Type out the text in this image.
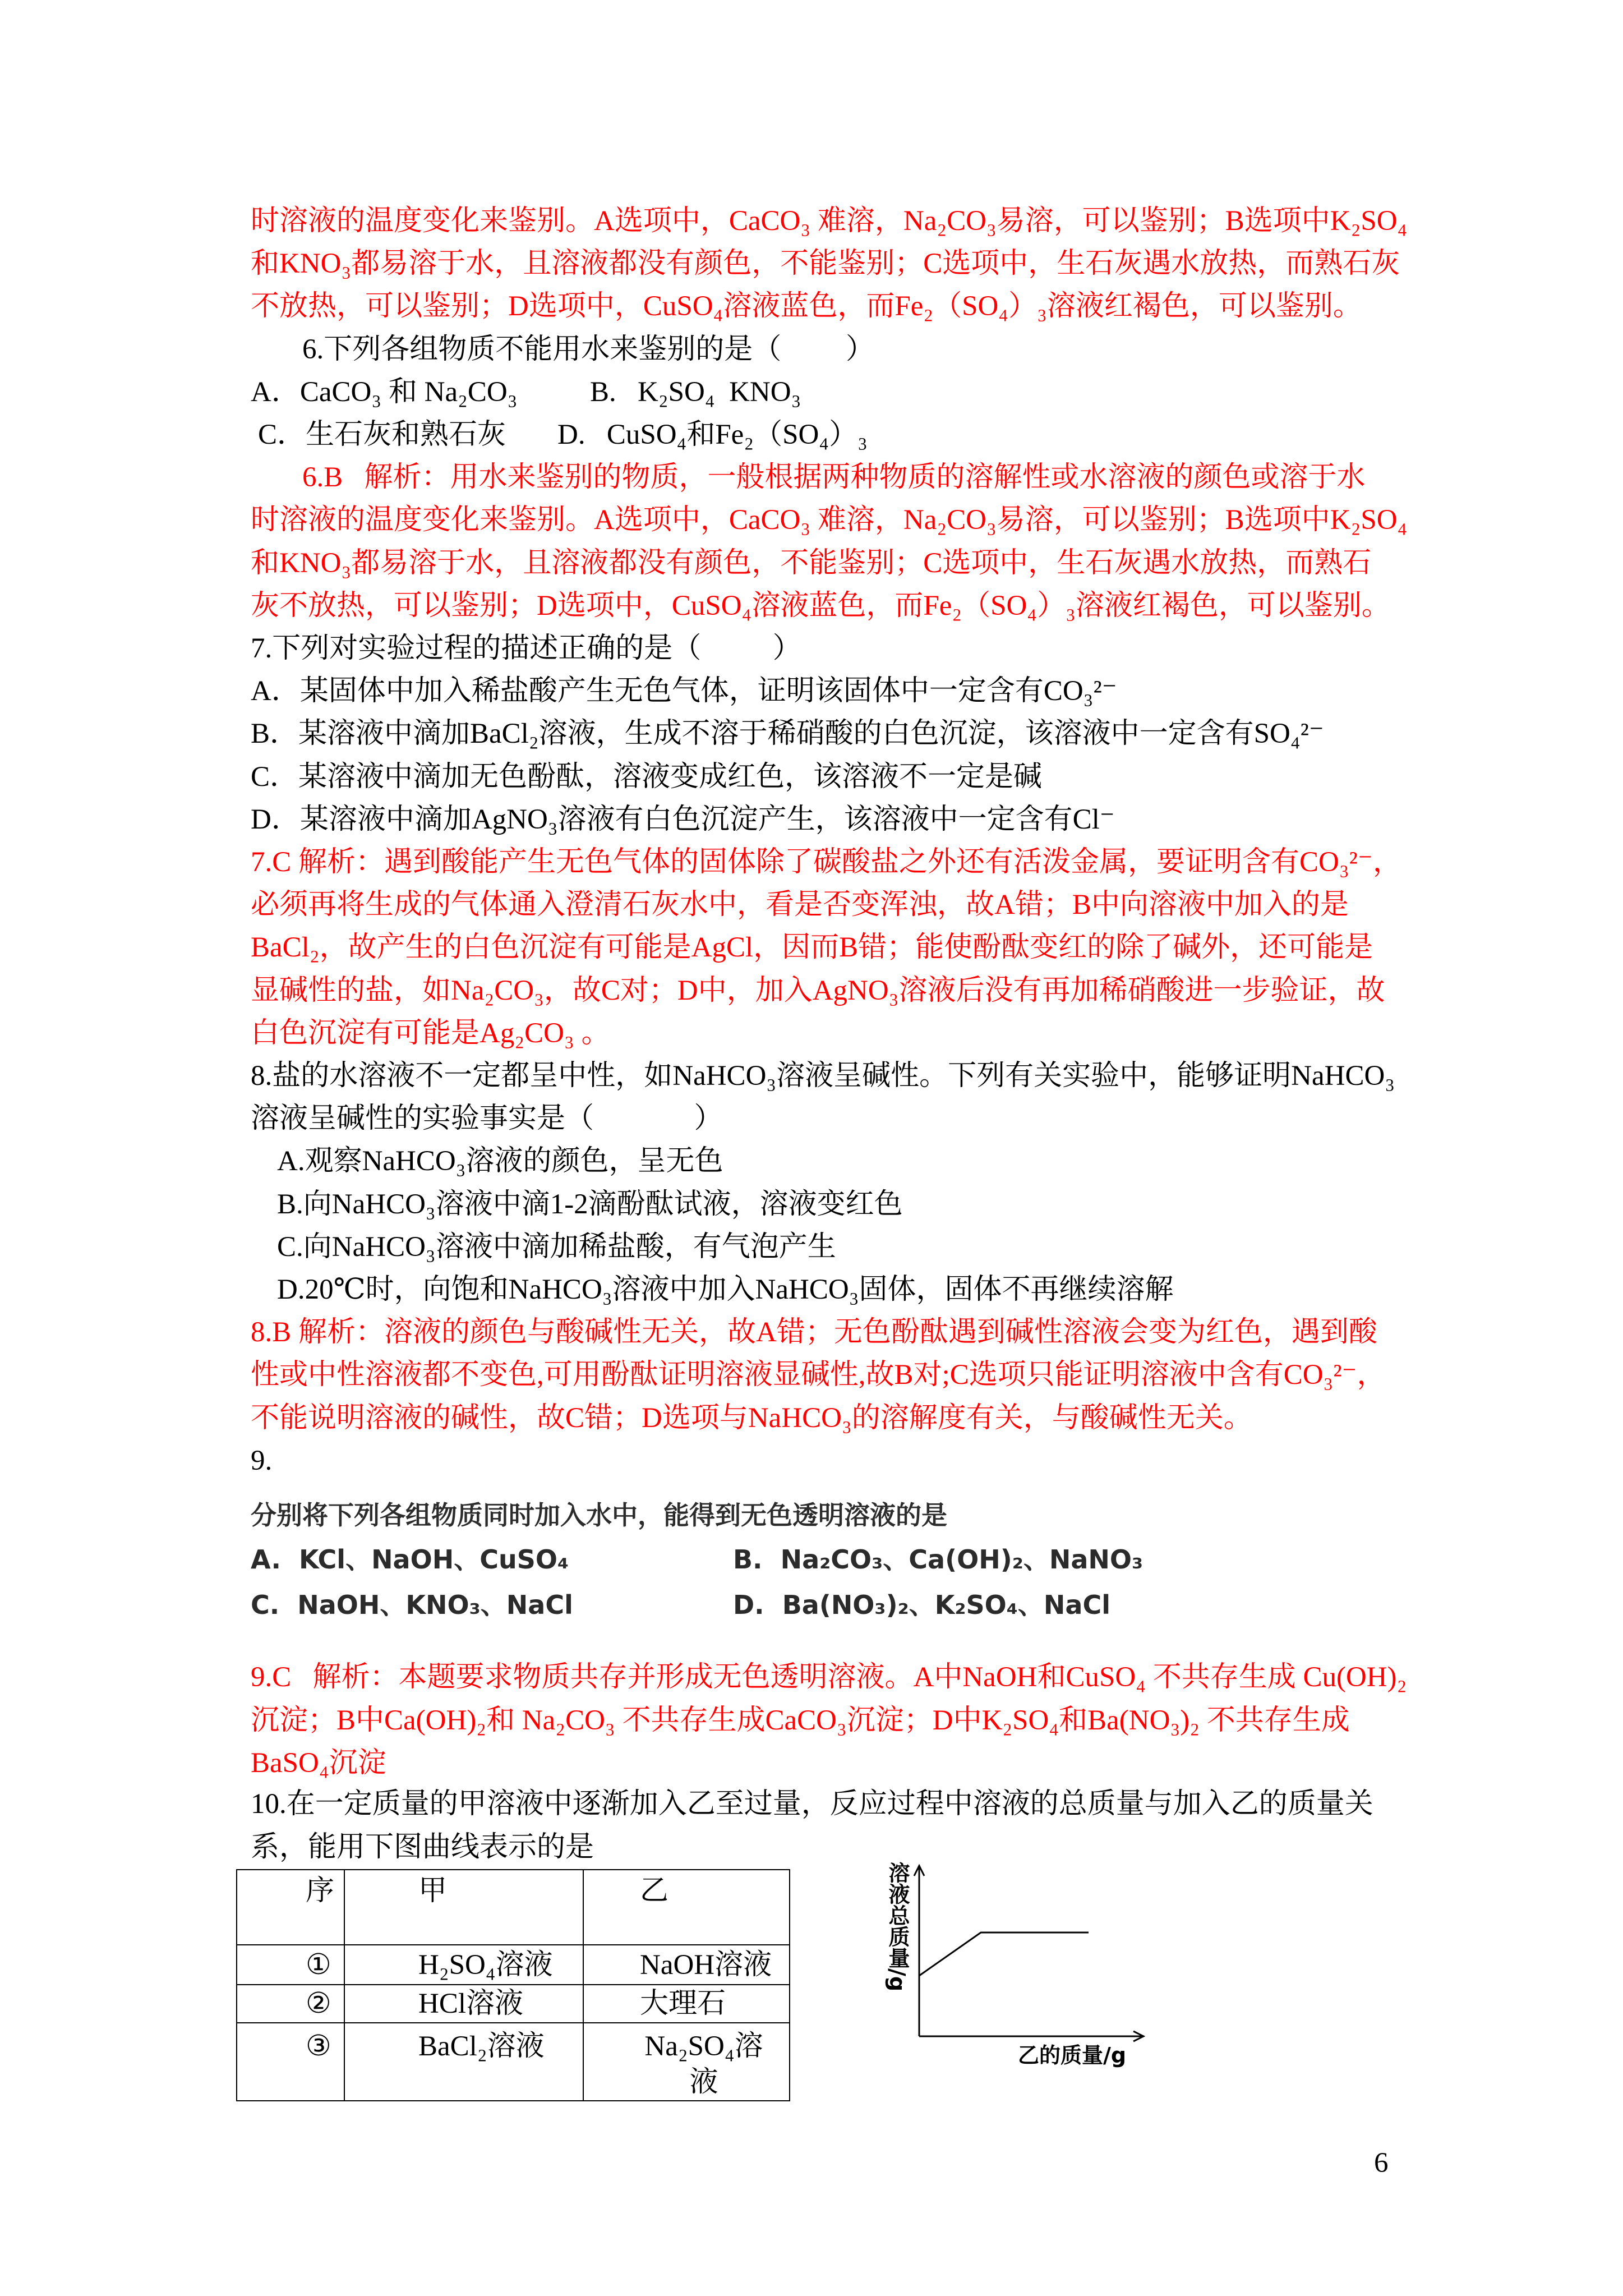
时溶液的温度变化来鉴别。A选项中，CaCO₃ 难溶，Na₂CO₃易溶，可以鉴别；B选项中K₂SO₄
和KNO₃都易溶于水，且溶液都没有颜色，不能鉴别；C选项中，生石灰遇水放热，而熟石灰
不放热，可以鉴别；D选项中，CuSO₄溶液蓝色，而Fe₂（SO₄）₃溶液红褐色，可以鉴别。
6.下列各组物质不能用水来鉴别的是（         ）
A．CaCO₃ 和 Na₂CO₃	B.   K₂SO₄  KNO₃
C．生石灰和熟石灰 D.   CuSO₄和Fe₂（SO₄）₃
6.B   解析：用水来鉴别的物质，一般根据两种物质的溶解性或水溶液的颜色或溶于水
时溶液的温度变化来鉴别。A选项中，CaCO₃ 难溶，Na₂CO₃易溶，可以鉴别；B选项中K₂SO₄
和KNO₃都易溶于水，且溶液都没有颜色，不能鉴别；C选项中，生石灰遇水放热，而熟石
灰不放热，可以鉴别；D选项中，CuSO₄溶液蓝色，而Fe₂（SO₄）₃溶液红褐色，可以鉴别。
7.下列对实验过程的描述正确的是（          ）
A．某固体中加入稀盐酸产生无色气体，证明该固体中一定含有CO₃²⁻
B．某溶液中滴加BaCl₂溶液，生成不溶于稀硝酸的白色沉淀，该溶液中一定含有SO₄²⁻
C．某溶液中滴加无色酚酞，溶液变成红色，该溶液不一定是碱
D．某溶液中滴加AgNO₃溶液有白色沉淀产生，该溶液中一定含有Cl⁻
7.C 解析：遇到酸能产生无色气体的固体除了碳酸盐之外还有活泼金属，要证明含有CO₃²⁻，
必须再将生成的气体通入澄清石灰水中，看是否变浑浊，故A错；B中向溶液中加入的是
BaCl₂，故产生的白色沉淀有可能是AgCl，因而B错；能使酚酞变红的除了碱外，还可能是
显碱性的盐，如Na₂CO₃，故C对；D中，加入AgNO₃溶液后没有再加稀硝酸进一步验证，故
白色沉淀有可能是Ag₂CO₃ 。
8.盐的水溶液不一定都呈中性，如NaHCO₃溶液呈碱性。下列有关实验中，能够证明NaHCO₃
溶液呈碱性的实验事实是（              ）
A.观察NaHCO₃溶液的颜色，呈无色
B.向NaHCO₃溶液中滴1-2滴酚酞试液，溶液变红色
C.向NaHCO₃溶液中滴加稀盐酸，有气泡产生
D.20℃时，向饱和NaHCO₃溶液中加入NaHCO₃固体，固体不再继续溶解
8.B 解析：溶液的颜色与酸碱性无关，故A错；无色酚酞遇到碱性溶液会变为红色，遇到酸
性或中性溶液都不变色,可用酚酞证明溶液显碱性,故B对;C选项只能证明溶液中含有CO₃²⁻，
不能说明溶液的碱性，故C错；D选项与NaHCO₃的溶解度有关，与酸碱性无关。
9.
分别将下列各组物质同时加入水中，能得到无色透明溶液的是
A.  KCl、NaOH、CuSO₄	B.  Na₂CO₃、Ca(OH)₂、NaNO₃
C.  NaOH、KNO₃、NaCl	D.  Ba(NO₃)₂、K₂SO₄、NaCl
9.C   解析：本题要求物质共存并形成无色透明溶液。A中NaOH和CuSO₄ 不共存生成 Cu(OH)₂
沉淀；B中Ca(OH)₂和 Na₂CO₃ 不共存生成CaCO₃沉淀；D中K₂SO₄和Ba(NO₃)₂ 不共存生成
BaSO₄沉淀
10.在一定质量的甲溶液中逐渐加入乙至过量，反应过程中溶液的总质量与加入乙的质量关
系，能用下图曲线表示的是
序	甲	乙
①	H₂SO₄溶液	NaOH溶液
②	HCl溶液	大理石
③	BaCl₂溶液	Na₂SO₄溶液
溶液总质量/g
乙的质量/g
6
